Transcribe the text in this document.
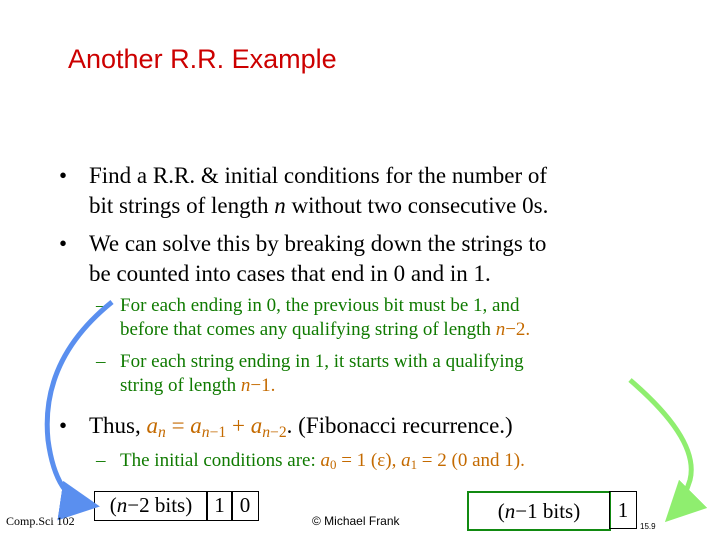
Another R.R. Example
• Find a R.R. & initial conditions for the number of
bit strings of length n without two consecutive 0s.
• We can solve this by breaking down the strings to
be counted into cases that end in 0 and in 1.
– For each ending in 0, the previous bit must be 1, and
before that comes any qualifying string of length n−2.
– For each string ending in 1, it starts with a qualifying
string of length n−1.
• Thus, an = an−1 + an−2. (Fibonacci recurrence.)
– The initial conditions are: a0 = 1 (ε), a1 = 2 (0 and 1).
(n−2 bits)	1 0	(n−1 bits)	1
Comp.Sci 102	© Michael Frank	15.9
